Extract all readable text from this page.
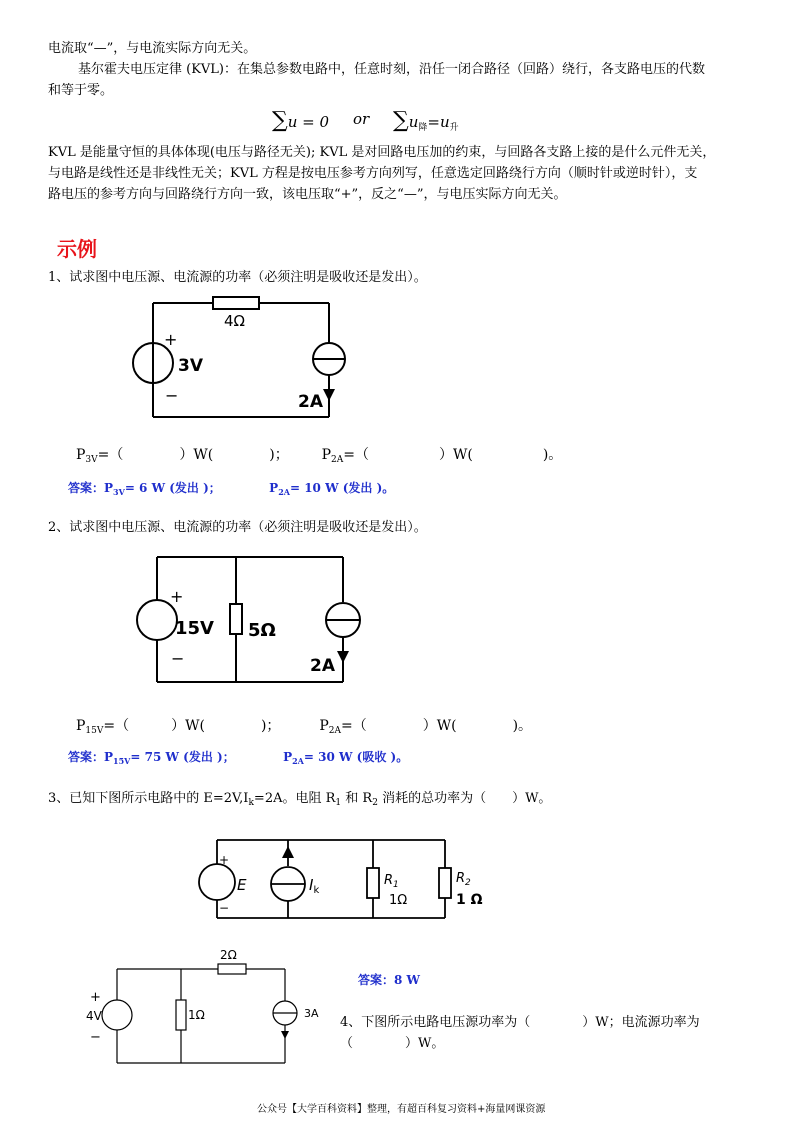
电流取“—”，与电流实际方向无关。
基尔霍夫电压定律 (KVL)：在集总参数电路中，任意时刻，沿任一闭合路径（回路）绕行，各支路电压的代数
和等于零。
∑u = 0 or $\sum u_降=u_升$
KVL 是能量守恒的具体体现(电压与路径无关); KVL 是对回路电压加的约束，与回路各支路上接的是什么元件无关，
与电路是线性还是非线性无关；KVL 方程是按电压参考方向列写，任意选定回路绕行方向（顺时针或逆时针），支
路电压的参考方向与回路绕行方向一致，该电压取“+”，反之“—”，与电压实际方向无关。
示例
1、试求图中电压源、电流源的功率（必须注明是吸收还是发出）。
4Ω
3V
+
−	2A
$P_{3V}=$（　　　　）W(　　　　)； $P_{2A}=$（　　　　　）W(　　　　　)。
答案：$P_{3V}= 6$ W (发出 )；	$P_{2A}= 10$ W (发出 )。
2、试求图中电压源、电流源的功率（必须注明是吸收还是发出）。
+
−
15V 5Ω
2A
$P_{15V}=$（　　　）W(　　　　)；	$P_{2A}=$（　　　　）W(　　　　)。
答案：$P_{15V}= 75$ W (发出 )；	$P_{2A}= 30$ W (吸收 )。
3、已知下图所示电路中的 $E=2V,I_k=2A$。电阻 $R_1$ 和 $R_2$ 消耗的总功率为（　　）W。
+
−
E	$I_k$
$R_1$
1Ω
$R_2$
1 Ω
2Ω
1Ω
+
4V
−
3A
答案：8 W
4、下图所示电路电压源功率为（　　　　）W；电流源功率为
（　　　　）W。
公众号【大学百科资料】整理，有超百科复习资料+海量网课资源
